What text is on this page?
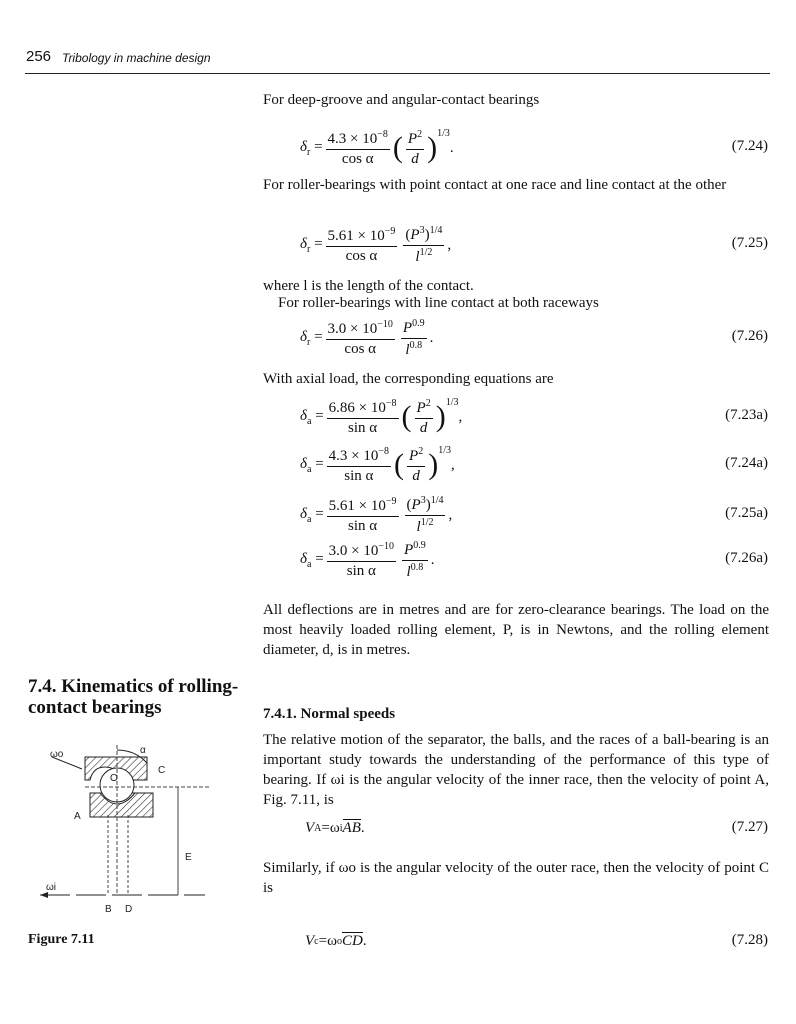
256 Tribology in machine design
For deep-groove and angular-contact bearings
For roller-bearings with point contact at one race and line contact at the other
where l is the length of the contact.
For roller-bearings with line contact at both raceways
With axial load, the corresponding equations are
All deflections are in metres and are for zero-clearance bearings. The load on the most heavily loaded rolling element, P, is in Newtons, and the rolling element diameter, d, is in metres.
7.4. Kinematics of rolling-contact bearings	7.4.1. Normal speeds
The relative motion of the separator, the balls, and the races of a ball-bearing is an important study towards the understanding of the performance of this type of bearing. If ωi is the angular velocity of the inner race, then the velocity of point A, Fig. 7.11, is
Similarly, if ωo is the angular velocity of the outer race, then the velocity of point C is
$\delta_r = \frac{4.3 \times 10^{-8}}{\text{cos α}}$ ( $\frac{P^2}{d} )^{1/3}$
.	(7.24)
$\delta_r = \frac{5.61 \times 10^{-9}}{\text{cos α}} \frac{(P^3)^{1/4}}{l^{1/2}}$ ,	(7.25)
$\delta_r = \frac{3.0 \times 10^{-10}}{\text{cos α}} \frac{P^{0.9}}{l^{0.8}}$ .	(7.26)
$\delta_a = \frac{6.86 \times 10^{-8}}{\text{sin α}}$ ( $\frac{P^2}{d} )^{1/3}$
,	(7.23a)
$\delta_a = \frac{4.3 \times 10^{-8}}{\text{sin α}}$ ( $\frac{P^2}{d} )^{1/3}$
,	(7.24a)
$\delta_a = \frac{5.61 \times 10^{-9}}{\text{sin α}} \frac{(P^3)^{1/4}}{l^{1/2}}$ ,	(7.25a)
$\delta_a = \frac{3.0 \times 10^{-10}}{\text{sin α}} \frac{P^{0.9}}{l^{0.8}}$ .	(7.26a)
V A =ω i AB .	(7.27)
V c =ω o CD .	(7.28)
α
ωo
C
O
A
E
ωi
B D
Figure 7.11
